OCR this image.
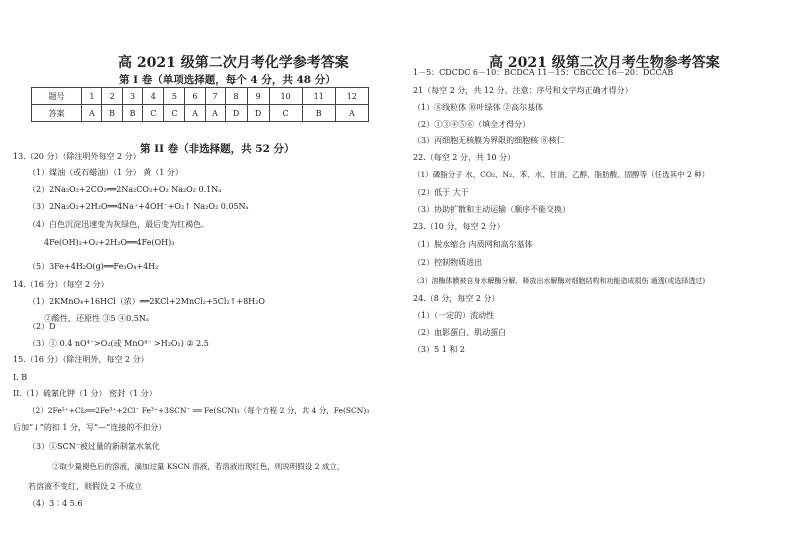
高 2021 级第二次月考化学参考答案
第 I 卷（单项选择题，每个 4 分，共 48 分）
题号	1	2	3	4	5	6	7	8	9	10	11	12
答案	A	B	B	C	C	A	A	D	D	C	B	A
第 II 卷（非选择题，共 52 分）
13.（20 分）（除注明外每空 2 分）
（1）煤油（或石蜡油）（1 分） 黄（1 分）
（2）2Na₂O₂+2CO₂══2Na₂CO₃+O₂ Na₂O₂ 0.1Nₐ
（3）2Na₂O₂+2H₂O══4Na⁺+4OH⁻+O₂↑ Na₂O₂ 0.05Nₐ
（4）白色沉淀迅速变为灰绿色，最后变为红褐色。
4Fe(OH)₂+O₂+2H₂O══4Fe(OH)₃
（5）3Fe+4H₂O(g)══Fe₃O₄+4H₂
14.（16 分）（每空 2 分）
（1）2KMnO₄+16HCl（浓）══2KCl+2MnCl₂+5Cl₂↑+8H₂O
②酸性、还原性 ③5 ④0.5Nₐ
（2）D
（3）① 0.4 nO⁴⁻>O₂(或 MnO⁴⁻ >H₂O₂) ② 2.5
15.（16 分）（除注明外，每空 2 分）
I. B
II.（1）硫氰化钾（1 分） 密封（1 分）
（2）2Fe²⁺+Cl₂══2Fe³⁺+2Cl⁻ Fe³⁺+3SCN⁻ ══ Fe(SCN)₃（每个方程 2 分，共 4 分，Fe(SCN)₃
后加“↓”的扣 1 分，写“—”连接的不扣分）
（3）①SCN⁻被过量的新制氯水氧化
②取少量褪色后的溶液，滴加过量 KSCN 溶液，若溶液出现红色，则说明假设 2 成立，
若溶液不变红，则假设 2 不成立
（4）3∶4 5.6
高 2021 级第二次月考生物参考答案
1－5：CDCDC 6－10：BCDCA 11－15：CBCCC 16－20：DCCAB
21（每空 2 分，共 12 分。注意：序号和文字均正确才得分）
（1）⑧线粒体 ⑩叶绿体 ②高尔基体
（2）①③④⑤⑥（填全才得分）
（3）丙细胞无核膜为界限的细胞核 ⑧核仁
22.（每空 2 分，共 10 分）
（1）磷脂分子 水、CO₂、N₂、苯、水、甘油、乙醇、脂肪酸、固醇等（任选其中 2 种）
（2）低于 大于
（3）协助扩散和主动运输（顺序不能交换）
23.（10 分，每空 2 分）
（1）脱水缩合 内质网和高尔基体
（2）控制物质进出
（3）溶酶体膜被自身水解酶分解，释放出水解酶对细胞结构和功能造成损伤 通透(或选择透过)
24.（8 分，每空 2 分）
（1）（一定的）流动性
（2）血影蛋白、肌动蛋白
（3）5 1 和 2
